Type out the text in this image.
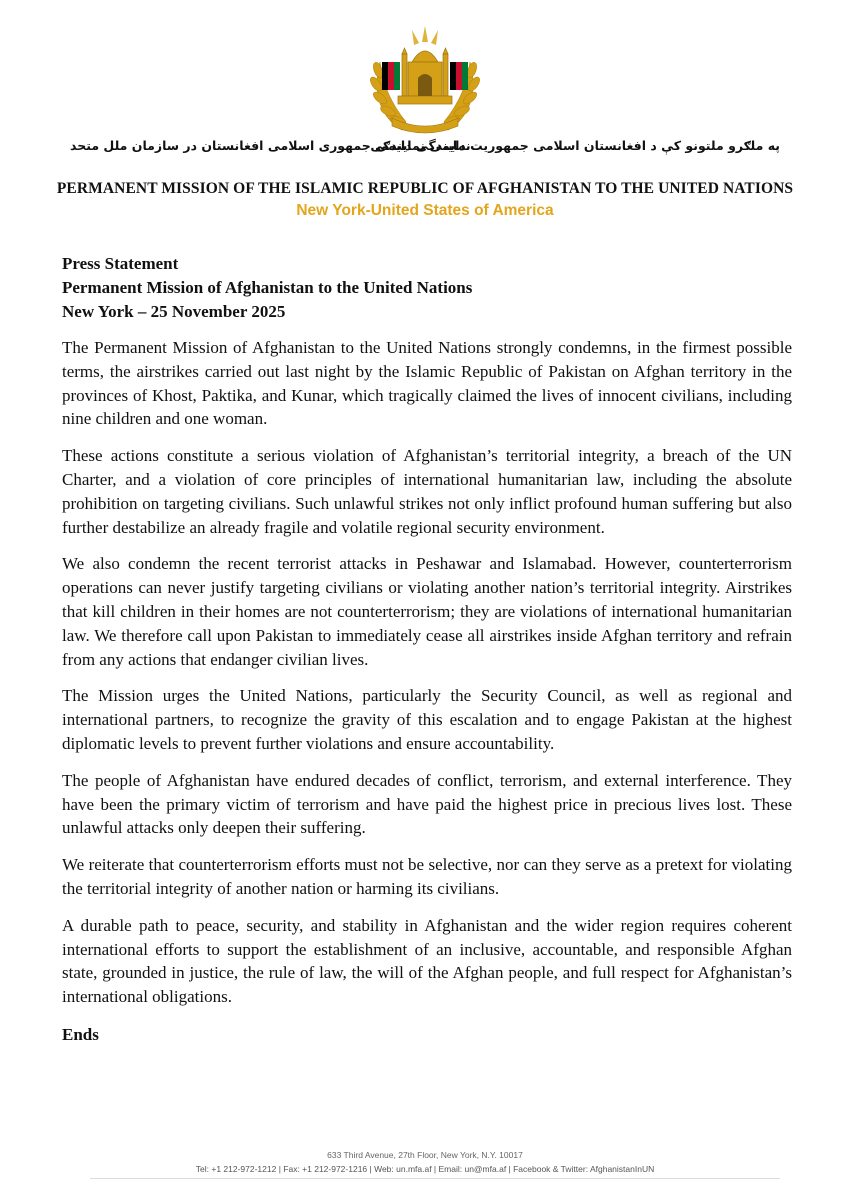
په ملګرو ملتونو کې د افغانستان اسلامی جمهوریت دایمی نمایندګی
نمایندگی دایمی جمهوری اسلامی افغانستان در سازمان ملل متحد
PERMANENT MISSION OF THE ISLAMIC REPUBLIC OF AFGHANISTAN TO THE UNITED NATIONS
New York-United States of America

Press Statement

Permanent Mission of Afghanistan to the United Nations

New York – 25 November 2025

The Permanent Mission of Afghanistan to the United Nations strongly condemns, in the firmest possible terms, the airstrikes carried out last night by the Islamic Republic of Pakistan on Afghan territory in the provinces of Khost, Paktika, and Kunar, which tragically claimed the lives of innocent civilians, including nine children and one woman.

These actions constitute a serious violation of Afghanistan’s territorial integrity, a breach of the UN Charter, and a violation of core principles of international humanitarian law, including the absolute prohibition on targeting civilians. Such unlawful strikes not only inflict profound human suffering but also further destabilize an already fragile and volatile regional security environment.

We also condemn the recent terrorist attacks in Peshawar and Islamabad. However, counterterrorism operations can never justify targeting civilians or violating another nation’s territorial integrity. Airstrikes that kill children in their homes are not counterterrorism; they are violations of international humanitarian law. We therefore call upon Pakistan to immediately cease all airstrikes inside Afghan territory and refrain from any actions that endanger civilian lives.

The Mission urges the United Nations, particularly the Security Council, as well as regional and international partners, to recognize the gravity of this escalation and to engage Pakistan at the highest diplomatic levels to prevent further violations and ensure accountability.

The people of Afghanistan have endured decades of conflict, terrorism, and external interference. They have been the primary victim of terrorism and have paid the highest price in precious lives lost. These unlawful attacks only deepen their suffering.

We reiterate that counterterrorism efforts must not be selective, nor can they serve as a pretext for violating the territorial integrity of another nation or harming its civilians.

A durable path to peace, security, and stability in Afghanistan and the wider region requires coherent international efforts to support the establishment of an inclusive, accountable, and responsible Afghan state, grounded in justice, the rule of law, the will of the Afghan people, and full respect for Afghanistan’s international obligations.

Ends
633 Third Avenue, 27th Floor, New York, N.Y. 10017
Tel: +1 212-972-1212 | Fax: +1 212-972-1216 | Web: un.mfa.af | Email: un@mfa.af | Facebook & Twitter: AfghanistanInUN
